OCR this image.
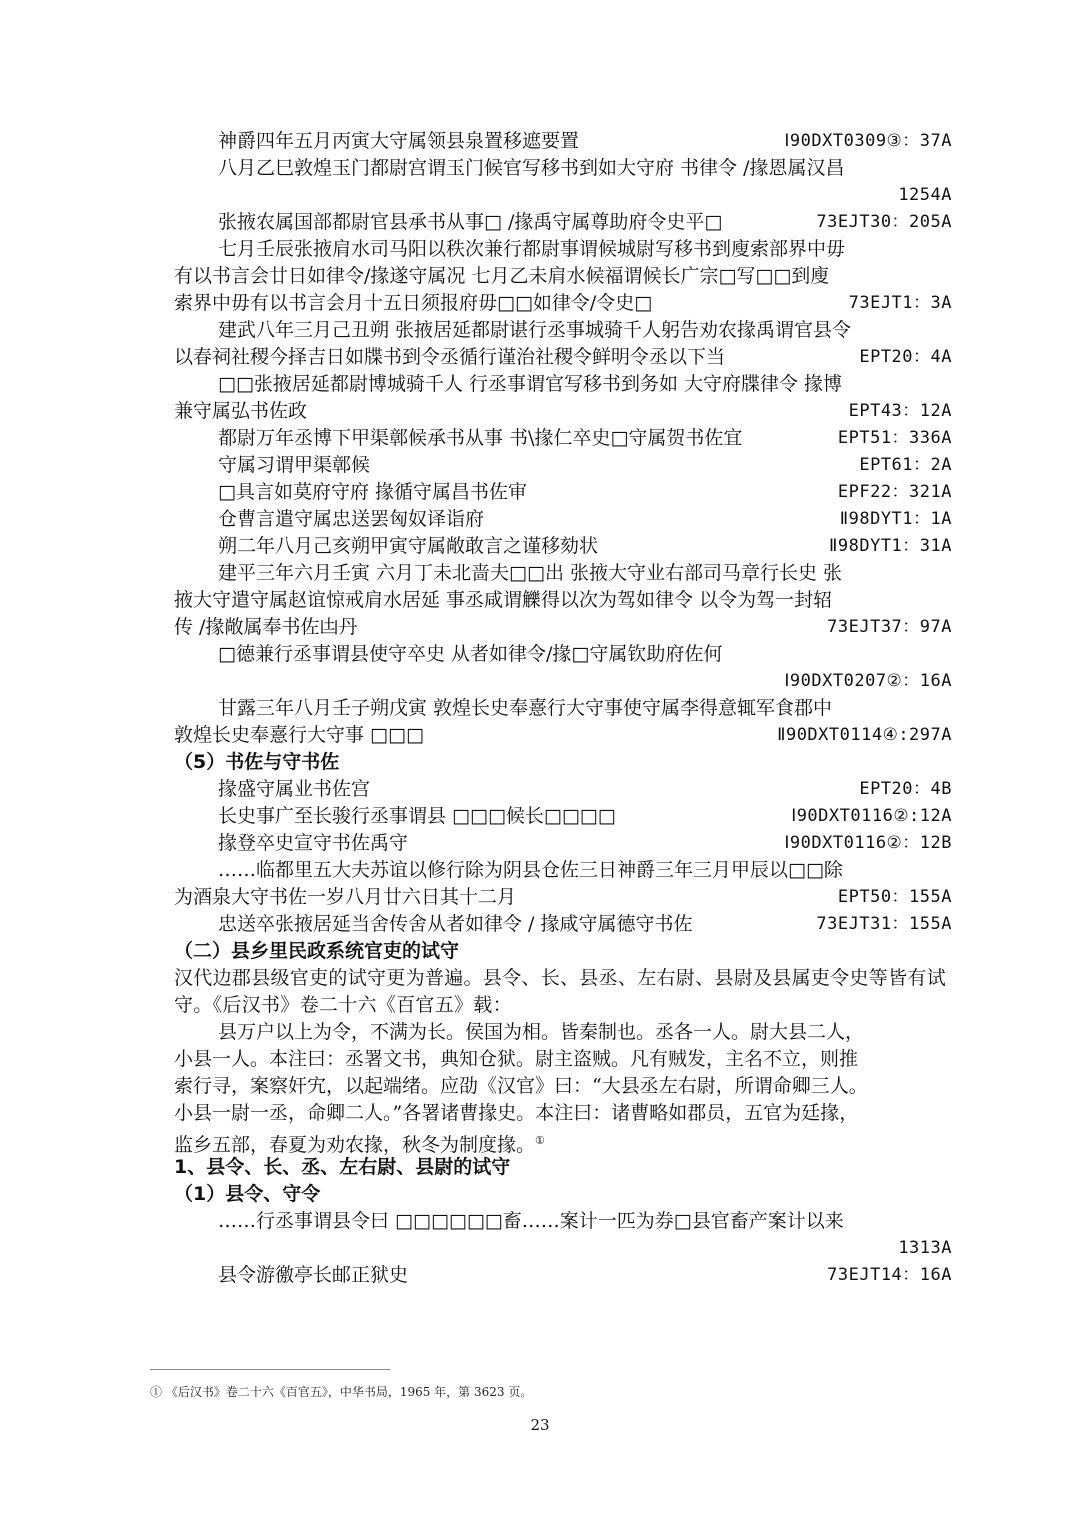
神爵四年五月丙寅大守属领县泉置移遮要置	Ⅰ90DXT0309③：37A
八月乙巳敦煌玉门都尉宫谓玉门候官写移书到如大守府 书律令 /掾恩属汉昌
1254A
张掖农属国部都尉官县承书从事□ /掾禹守属尊助府令史平□	73EJT30：205A
七月壬辰张掖肩水司马阳以秩次兼行都尉事谓候城尉写移书到廋索部界中毋
有以书言会廿日如律令/掾遂守属况 七月乙未肩水候福谓候长广宗□写□□到廋
索界中毋有以书言会月十五日须报府毋□□如律令/令史□	73EJT1：3A
建武八年三月己丑朔 张掖居延都尉谌行丞事城骑千人躬告劝农掾禹谓官县令
以春祠社稷今择吉日如牒书到令丞循行谨治社稷令鲜明令丞以下当	EPT20：4A
□□张掖居延都尉博城骑千人 行丞事谓官写移书到务如 大守府牒律令 掾博
兼守属弘书佐政	EPT43：12A
都尉万年丞博下甲渠鄣候承书从事 书\掾仁卒史□守属贺书佐宜	EPT51：336A
守属习谓甲渠鄣候	EPT61：2A
□具言如莫府守府 掾循守属昌书佐审	EPF22：321A
仓曹言遣守属忠送罢匈奴译诣府	Ⅱ98DYT1：1A
朔二年八月己亥朔甲寅守属敞敢言之谨移劾状	Ⅱ98DYT1：31A
建平三年六月壬寅 六月丁未北啬夫□□出 张掖大守业右部司马章行长史 张
掖大守遣守属赵谊惊戒肩水居延 事丞咸谓觻得以次为驾如律令 以令为驾一封轺
传 /掾敞属奉书佐凷丹	73EJT37：97A
□德兼行丞事谓县使守卒史 从者如律令/掾□守属钦助府佐何
Ⅰ90DXT0207②：16A
甘露三年八月壬子朔戊寅 敦煌长史奉憙行大守事使守属李得意辄军食郡中
敦煌长史奉憙行大守事 □□□	Ⅱ90DXT0114④:297A
（5）书佐与守书佐
掾盛守属业书佐宫	EPT20：4B
长史事广至长骏行丞事谓县 □□□候长□□□□	Ⅰ90DXT0116②:12A
掾登卒史宣守书佐禹守	Ⅰ90DXT0116②：12B
……临都里五大夫苏谊以修行除为阴县仓佐三日神爵三年三月甲辰以□□除
为酒泉大守书佐一岁八月廿六日其十二月	EPT50：155A
忠送卒张掖居延当舍传舍从者如律令 / 掾咸守属德守书佐	73EJT31：155A
（二）县乡里民政系统官吏的试守
汉代边郡县级官吏的试守更为普遍。县令、长、县丞、左右尉、县尉及县属吏令史等皆有试守。《后汉书》卷二十六《百官五》载：
县万户以上为令，不满为长。侯国为相。皆秦制也。丞各一人。尉大县二人，
小县一人。本注曰：丞署文书，典知仓狱。尉主盗贼。凡有贼发，主名不立，则推
索行寻，案察奸宄，以起端绪。应劭《汉官》曰：“大县丞左右尉，所谓命卿三人。
小县一尉一丞，命卿二人。”各署诸曹掾史。本注曰：诸曹略如郡员，五官为廷掾，
监乡五部，春夏为劝农掾，秋冬为制度掾。①
1、县令、长、丞、左右尉、县尉的试守
（1）县令、守令
……行丞事谓县令曰 □□□□□□畜……案计一匹为券□县官畜产案计以来
1313A
县令游徼亭长邮正狱史	73EJT14：16A
① 《后汉书》卷二十六《百官五》，中华书局，1965 年，第 3623 页。
23
